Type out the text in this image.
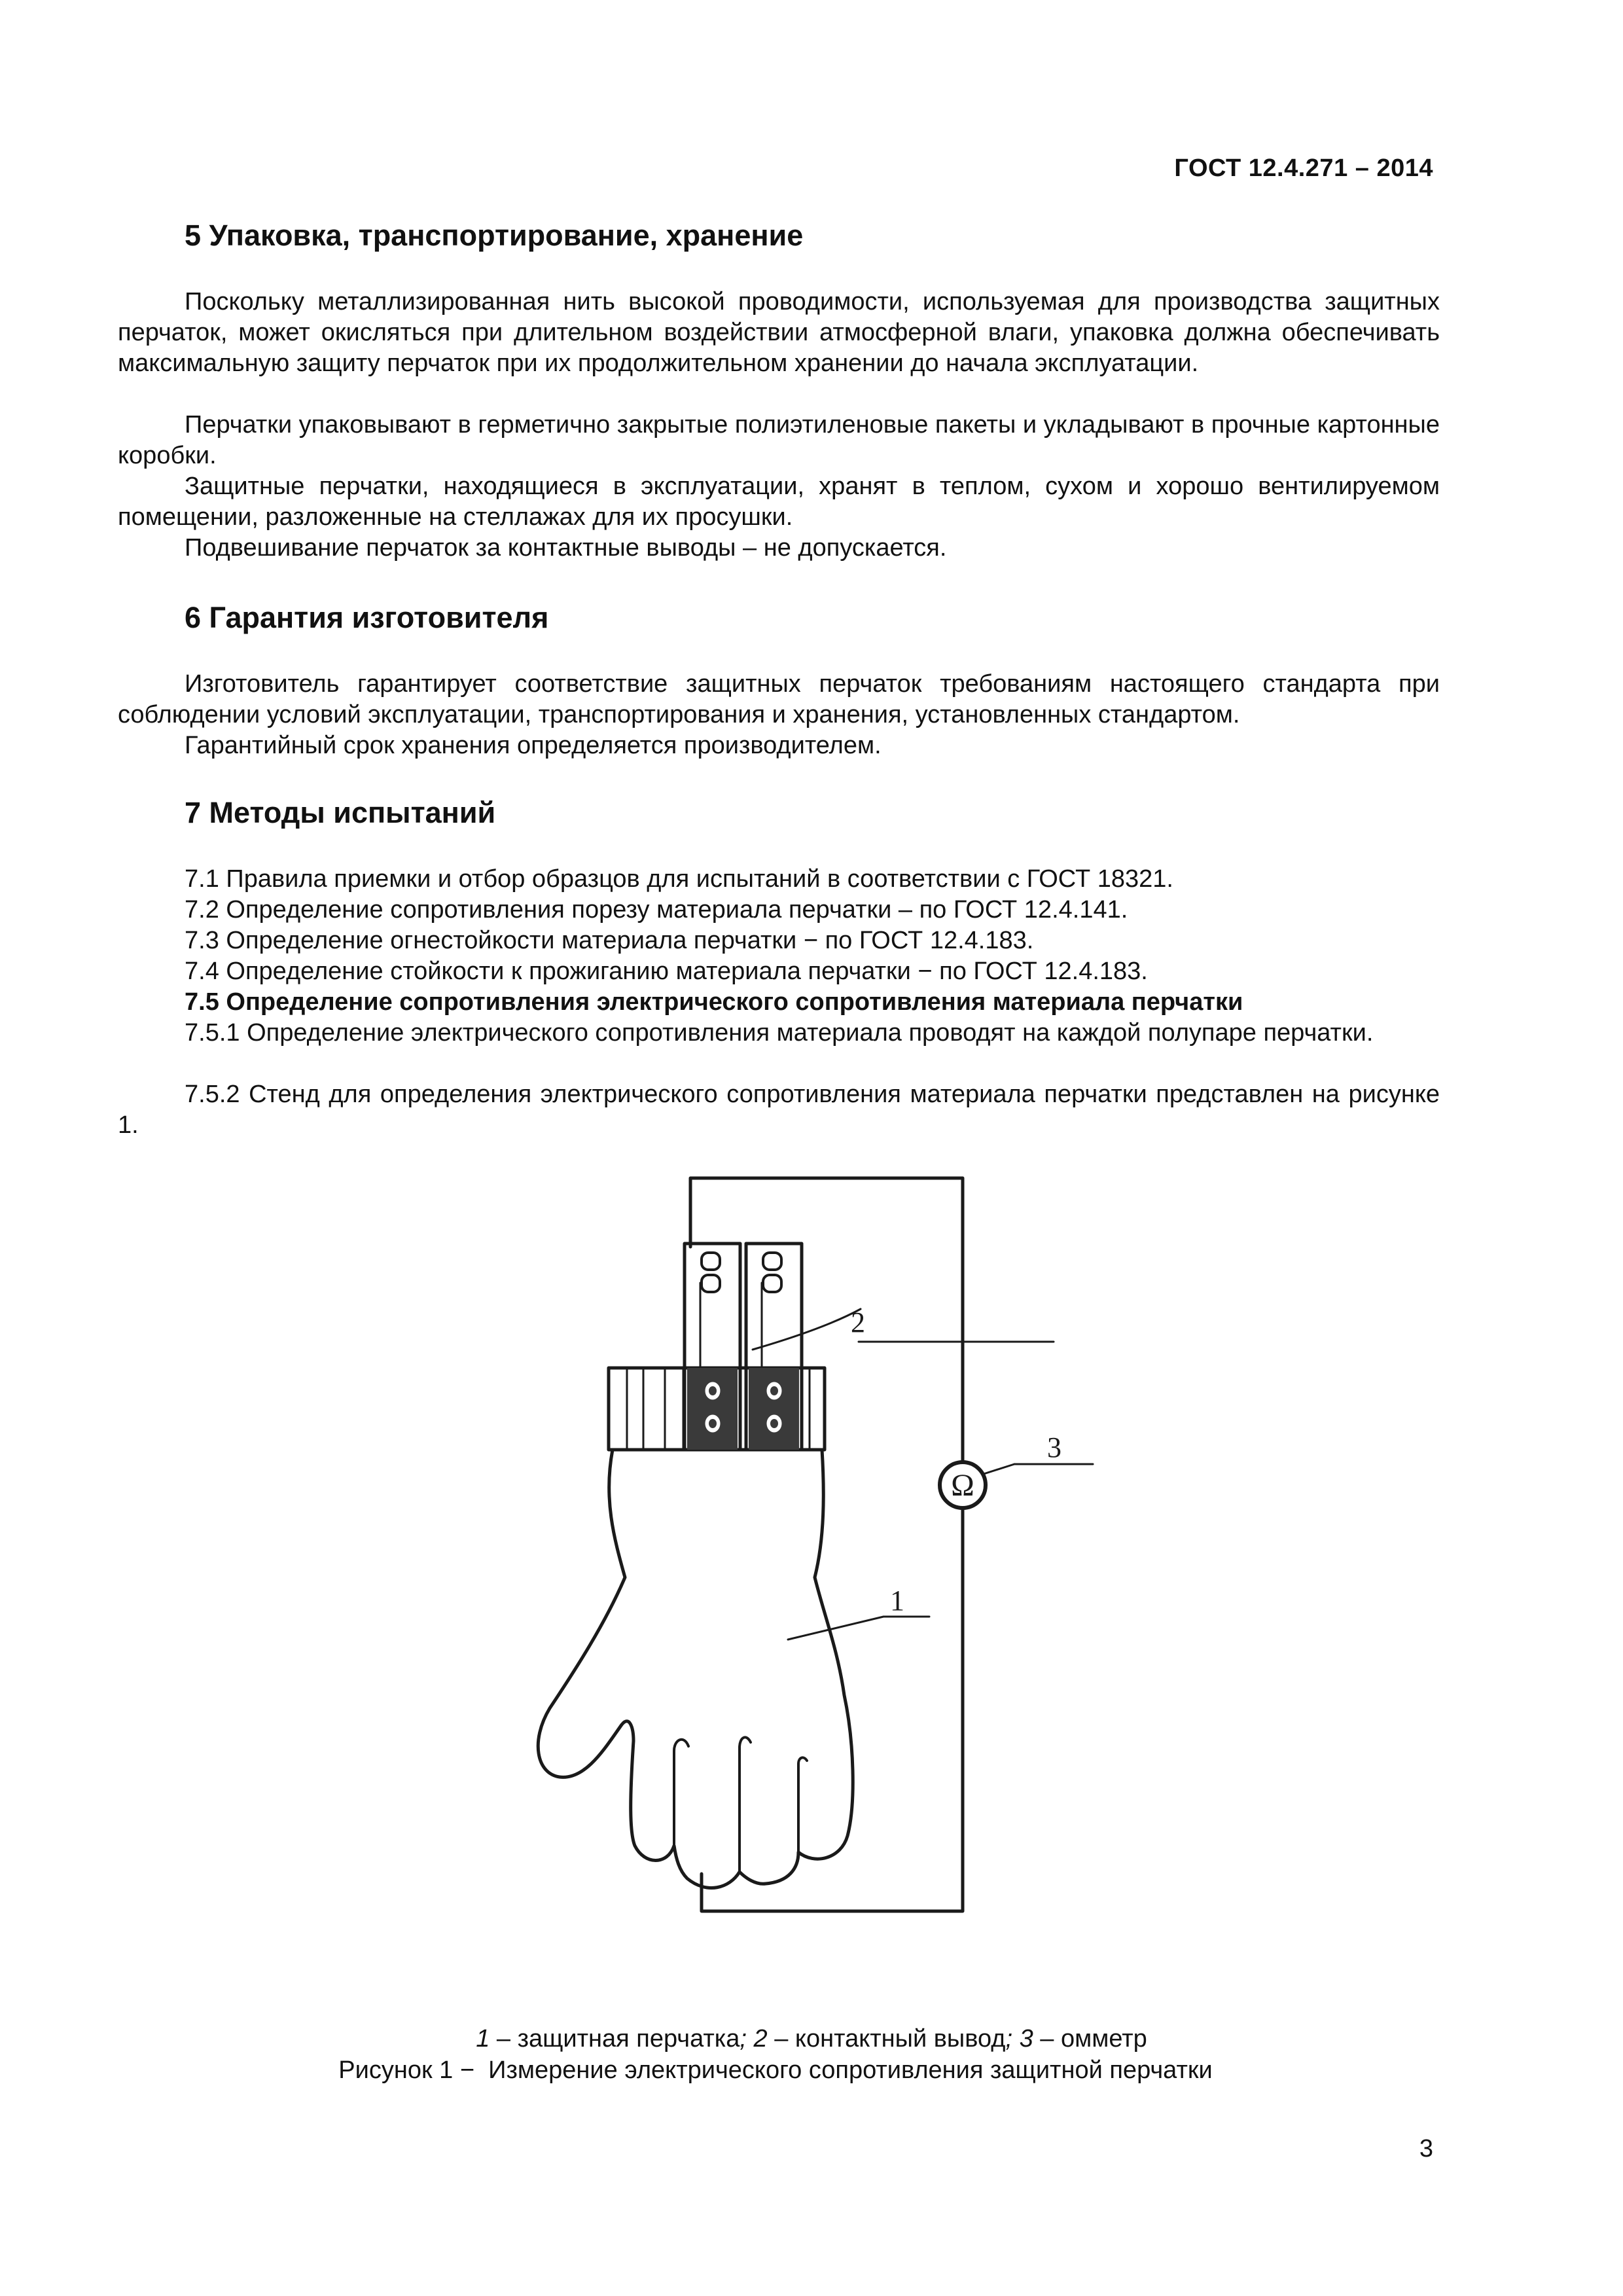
ГОСТ 12.4.271 – 2014
5 Упаковка, транспортирование, хранение
Поскольку металлизированная нить высокой проводимости, используемая для производства защитных перчаток, может окисляться при длительном воздействии атмосферной влаги, упаковка должна обеспечивать максимальную защиту перчаток при их продолжительном хранении до начала эксплуатации.
Перчатки упаковывают в герметично закрытые полиэтиленовые пакеты и укладывают в прочные картонные коробки.
Защитные перчатки, находящиеся в эксплуатации, хранят в теплом, сухом и хорошо вентилируемом помещении, разложенные на стеллажах для их просушки.
Подвешивание перчаток за контактные выводы – не допускается.
6 Гарантия изготовителя
Изготовитель гарантирует соответствие защитных перчаток требованиям настоящего стандарта при соблюдении условий эксплуатации, транспортирования и хранения, установленных стандартом.
Гарантийный срок хранения определяется производителем.
7 Методы испытаний
7.1 Правила приемки и отбор образцов для испытаний в соответствии с ГОСТ 18321.
7.2 Определение сопротивления порезу материала перчатки – по ГОСТ 12.4.141.
7.3 Определение огнестойкости материала перчатки − по ГОСТ 12.4.183.
7.4 Определение стойкости к прожиганию материала перчатки − по ГОСТ 12.4.183.
7.5 Определение сопротивления электрического сопротивления материала перчатки
7.5.1 Определение электрического сопротивления материала проводят на каждой полупаре перчатки.
7.5.2 Стенд для определения электрического сопротивления материала перчатки представлен на рисунке 1.
2
3
1
Ω
1 – защитная перчатка; 2 – контактный вывод; 3 – омметр
Рисунок 1 −  Измерение электрического сопротивления защитной перчатки
3
